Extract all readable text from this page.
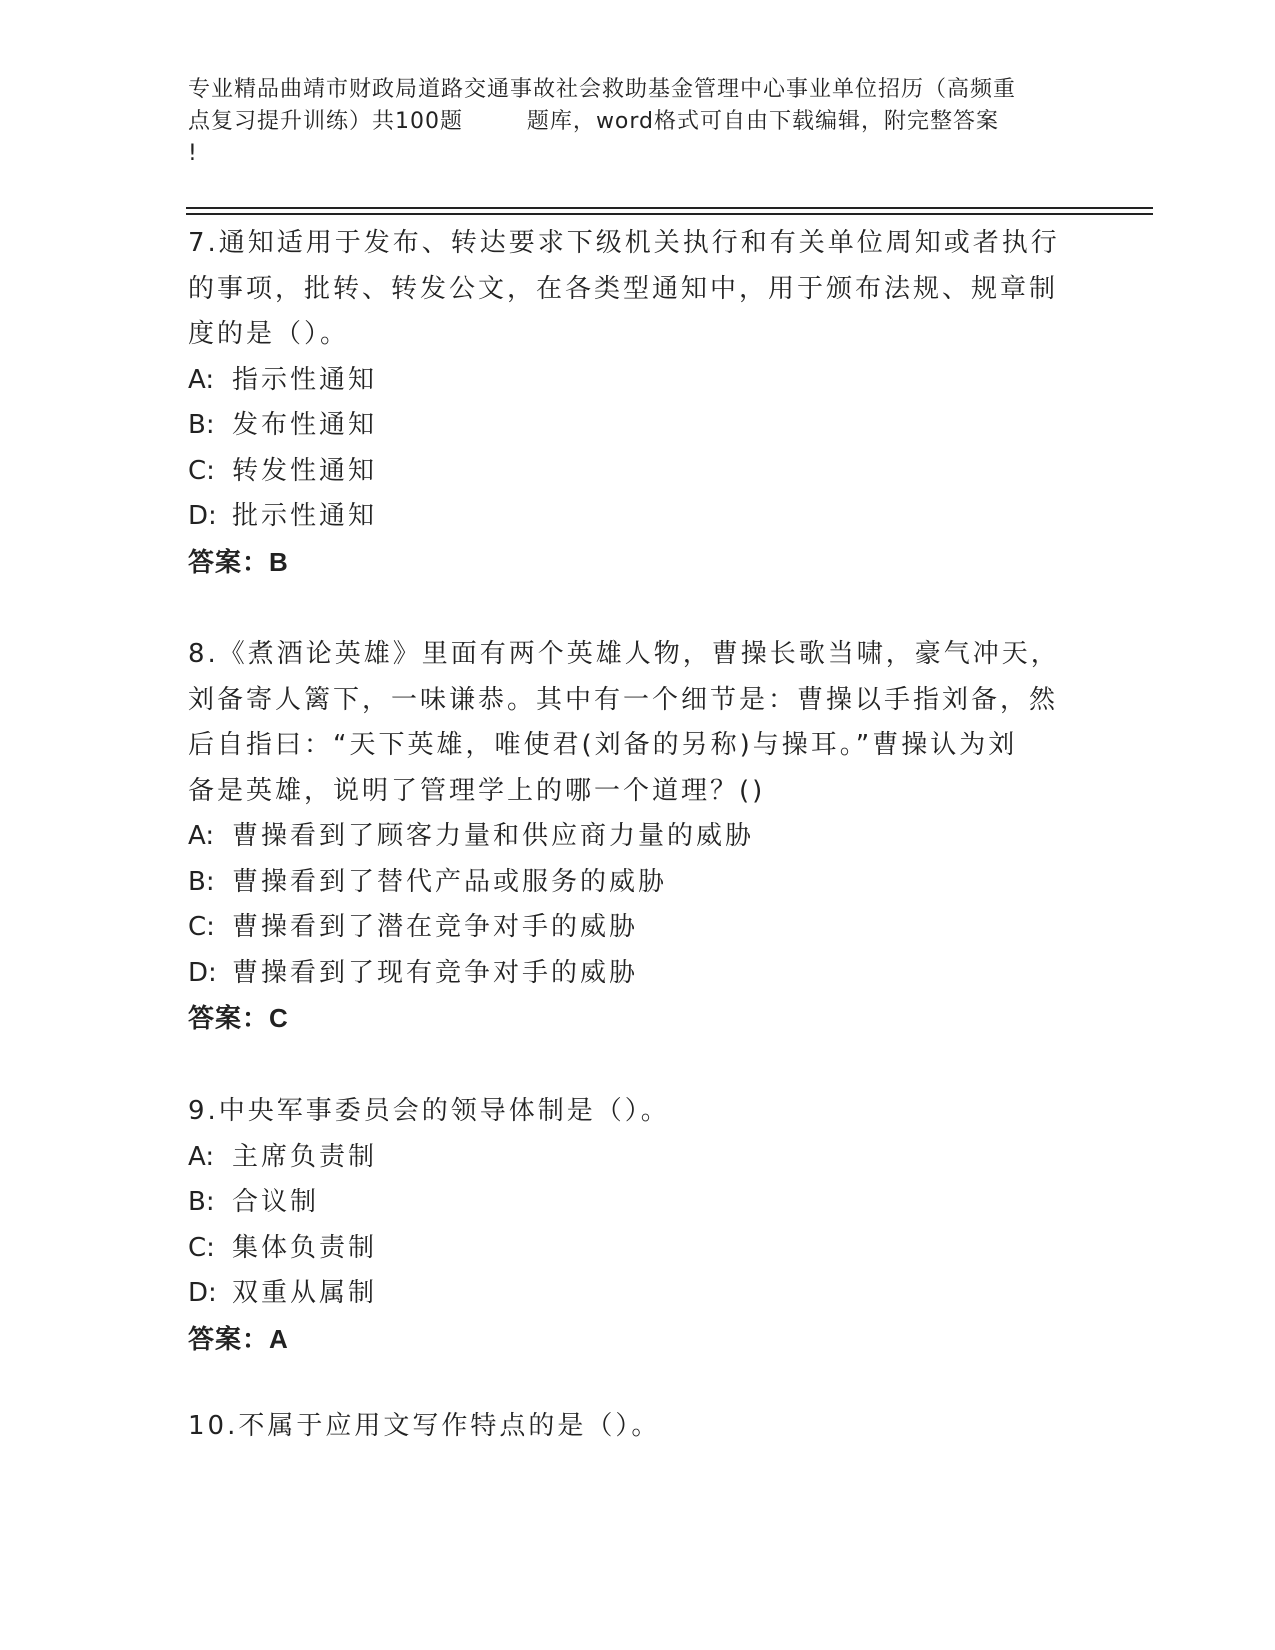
专业精品曲靖市财政局道路交通事故社会救助基金管理中心事业单位招历（高频重
点复习提升训练）共100题        题库，word格式可自由下载编辑，附完整答案
!
7.通知适用于发布、转达要求下级机关执行和有关单位周知或者执行
的事项，批转、转发公文，在各类型通知中，用于颁布法规、规章制
度的是（）。
A: 指示性通知
B: 发布性通知
C: 转发性通知
D: 批示性通知
答案：B
8.《煮酒论英雄》里面有两个英雄人物，曹操长歌当啸，豪气冲天，
刘备寄人篱下，一味谦恭。其中有一个细节是：曹操以手指刘备，然
后自指曰：“天下英雄，唯使君(刘备的另称)与操耳。”曹操认为刘
备是英雄，说明了管理学上的哪一个道理？()
A: 曹操看到了顾客力量和供应商力量的威胁
B: 曹操看到了替代产品或服务的威胁
C: 曹操看到了潜在竞争对手的威胁
D: 曹操看到了现有竞争对手的威胁
答案：C
9.中央军事委员会的领导体制是（）。
A: 主席负责制
B: 合议制
C: 集体负责制
D: 双重从属制
答案：A
10.不属于应用文写作特点的是（）。
